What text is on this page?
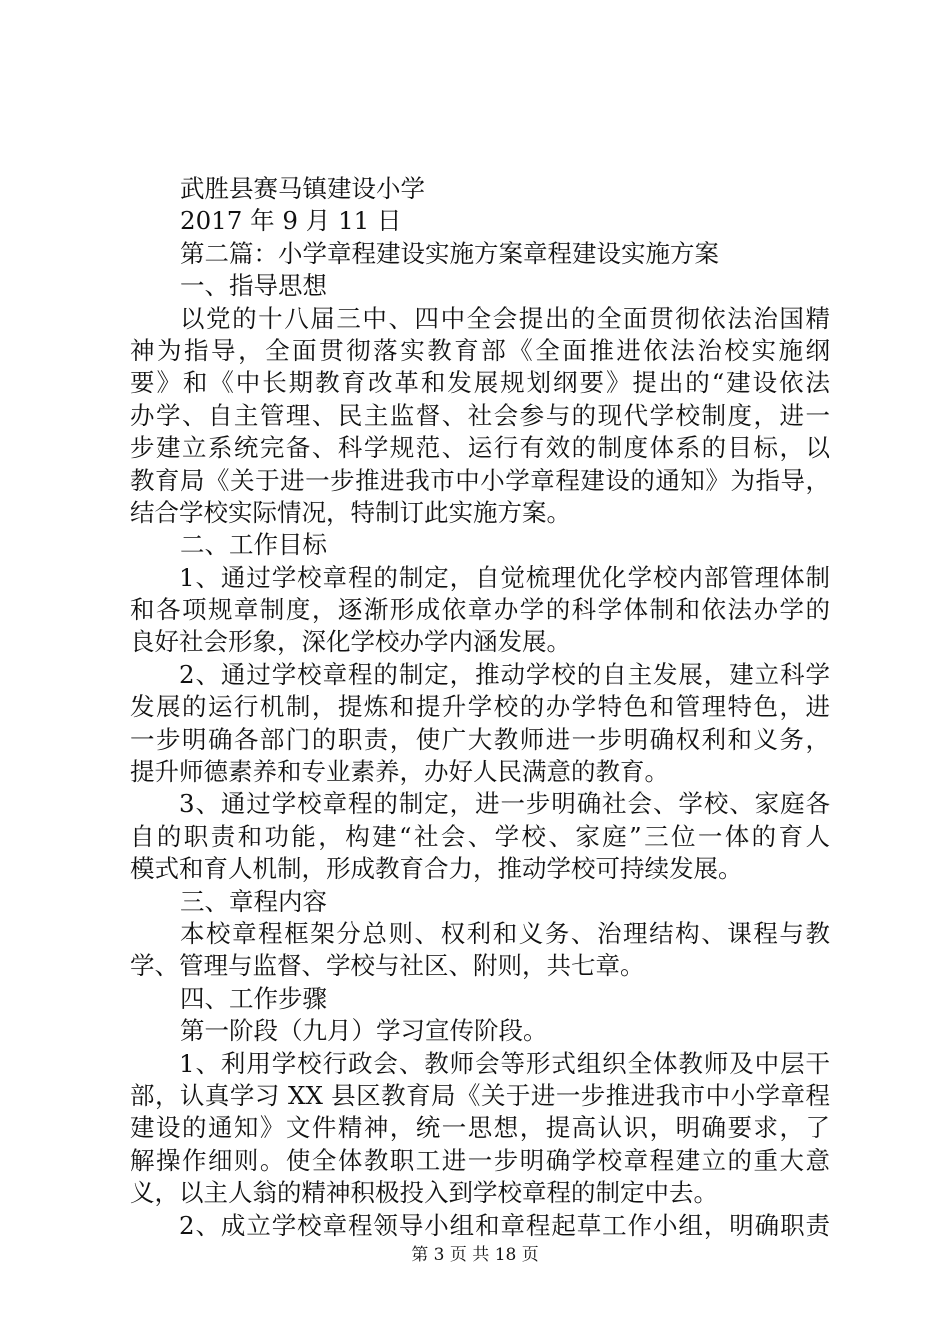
武胜县赛马镇建设小学
2017 年 9 月 11 日
第二篇：小学章程建设实施方案章程建设实施方案
一、指导思想
以党的十八届三中、四中全会提出的全面贯彻依法治国精
神为指导，全面贯彻落实教育部《全面推进依法治校实施纲
要》和《中长期教育改革和发展规划纲要》提出的“建设依法
办学、自主管理、民主监督、社会参与的现代学校制度，进一
步建立系统完备、科学规范、运行有效的制度体系的目标，以
教育局《关于进一步推进我市中小学章程建设的通知》为指导，
结合学校实际情况，特制订此实施方案。
二、工作目标
1、通过学校章程的制定，自觉梳理优化学校内部管理体制
和各项规章制度，逐渐形成依章办学的科学体制和依法办学的
良好社会形象，深化学校办学内涵发展。
2、通过学校章程的制定，推动学校的自主发展，建立科学
发展的运行机制，提炼和提升学校的办学特色和管理特色，进
一步明确各部门的职责，使广大教师进一步明确权利和义务，
提升师德素养和专业素养，办好人民满意的教育。
3、通过学校章程的制定，进一步明确社会、学校、家庭各
自的职责和功能，构建“社会、学校、家庭”三位一体的育人
模式和育人机制，形成教育合力，推动学校可持续发展。
三、章程内容
本校章程框架分总则、权利和义务、治理结构、课程与教
学、管理与监督、学校与社区、附则，共七章。
四、工作步骤
第一阶段（九月）学习宣传阶段。
1、利用学校行政会、教师会等形式组织全体教师及中层干
部，认真学习 XX 县区教育局《关于进一步推进我市中小学章程
建设的通知》文件精神，统一思想，提高认识，明确要求，了
解操作细则。使全体教职工进一步明确学校章程建立的重大意
义，以主人翁的精神积极投入到学校章程的制定中去。
2、成立学校章程领导小组和章程起草工作小组，明确职责
第 3 页 共 18 页
